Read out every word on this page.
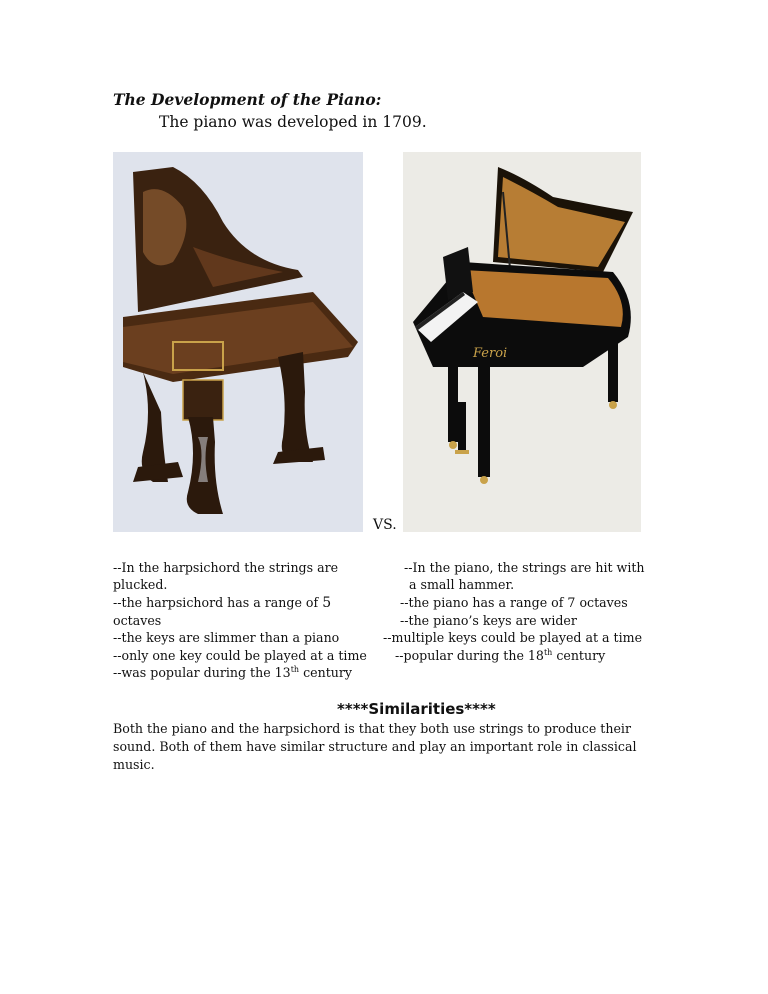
The Development of the Piano:
The piano was developed in 1709.
Feroi
VS.
--In the harpsichord the strings are
plucked.
--the harpsichord has a range of 5
octaves
--the keys are slimmer than a piano
--only one key could be played at a time
--was popular during the 13th century
--In the piano, the strings are hit with
a small hammer.
--the piano has a range of 7 octaves
--the piano’s keys are wider
--multiple keys could be played at a time
--popular during the 18th century
****Similarities****
Both the piano and the harpsichord is that they both use strings to produce their sound. Both of them have similar structure and play an important role in classical music.
